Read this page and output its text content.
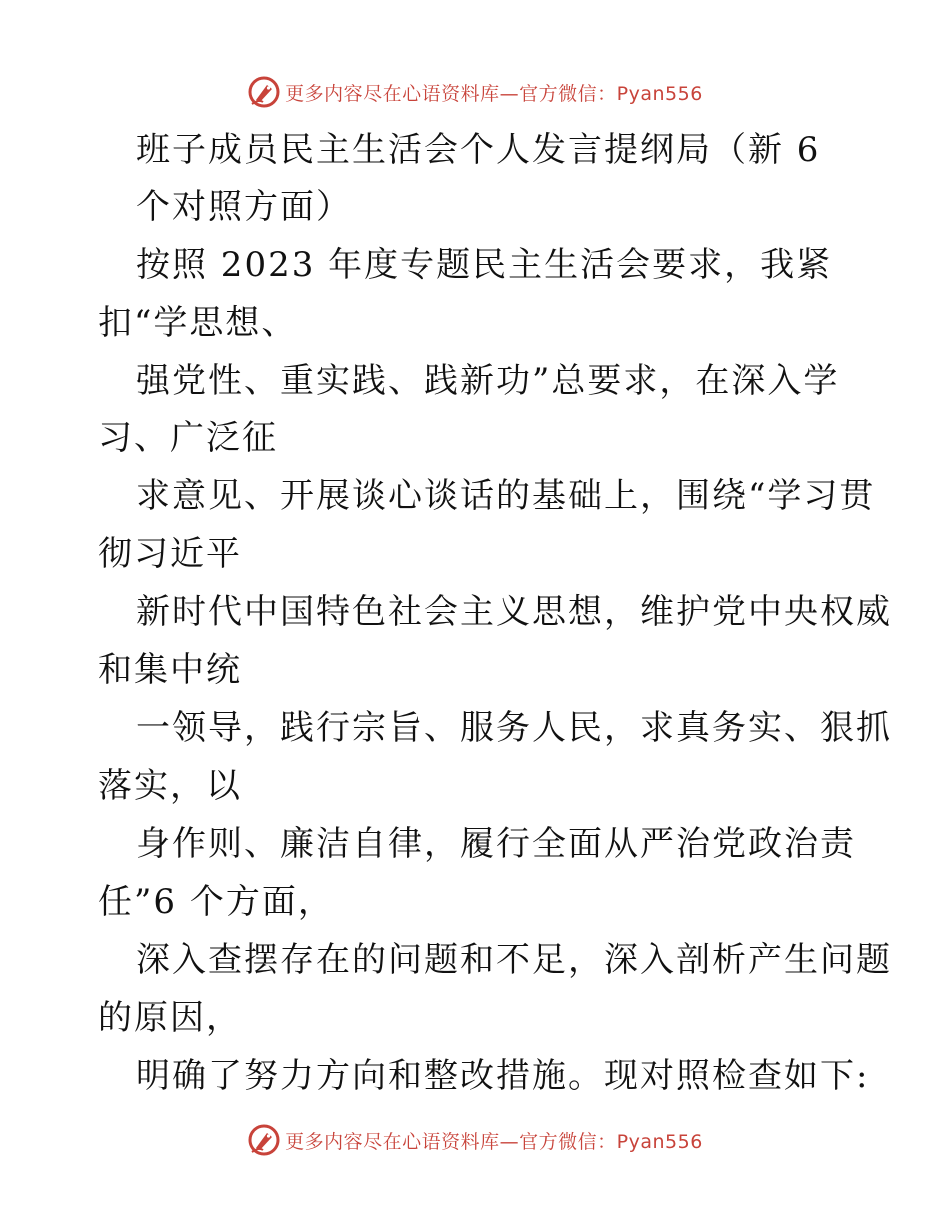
更多内容尽在心语资料库—官方微信：Pyan556
班子成员民主生活会个人发言提纲局（新 6
个对照方面）
按照 2023 年度专题民主生活会要求，我紧
扣“学思想、
强党性、重实践、践新功”总要求，在深入学
习、广泛征
求意见、开展谈心谈话的基础上，围绕“学习贯
彻习近平
新时代中国特色社会主义思想，维护党中央权威
和集中统
一领导，践行宗旨、服务人民，求真务实、狠抓
落实，以
身作则、廉洁自律，履行全面从严治党政治责
任”6 个方面，
深入查摆存在的问题和不足，深入剖析产生问题
的原因，
明确了努力方向和整改措施。现对照检查如下:
更多内容尽在心语资料库—官方微信：Pyan556
